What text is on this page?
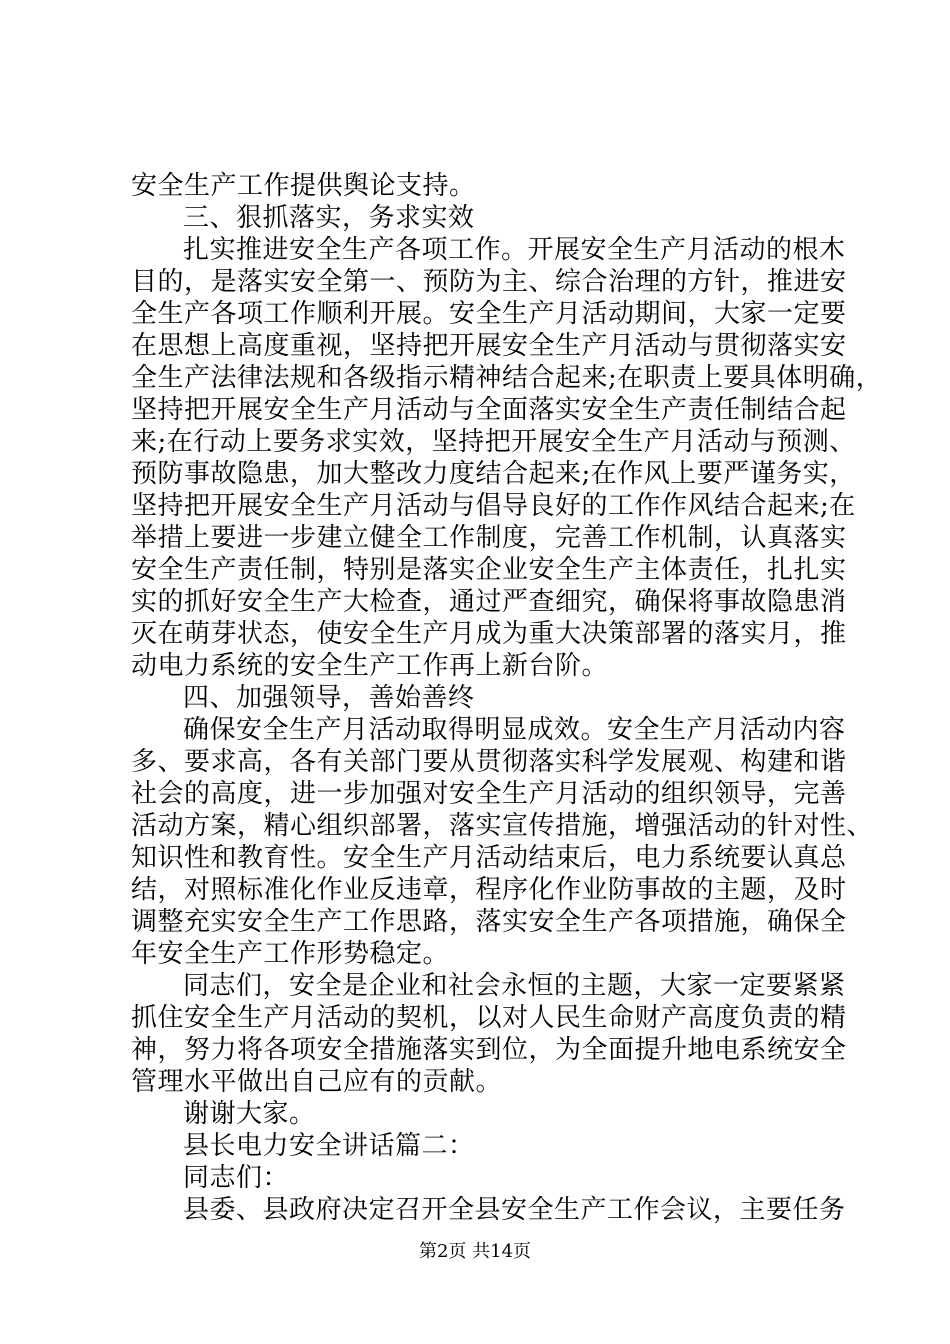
安全生产工作提供舆论支持。
三、狠抓落实，务求实效
扎实推进安全生产各项工作。开展安全生产月活动的根木
目的，是落实安全第一、预防为主、综合治理的方针，推进安
全生产各项工作顺利开展。安全生产月活动期间，大家一定要
在思想上高度重视，坚持把开展安全生产月活动与贯彻落实安
全生产法律法规和各级指示精神结合起来;在职责上要具体明确，
坚持把开展安全生产月活动与全面落实安全生产责任制结合起
来;在行动上要务求实效，坚持把开展安全生产月活动与预测、
预防事故隐患，加大整改力度结合起来;在作风上要严谨务实，
坚持把开展安全生产月活动与倡导良好的工作作风结合起来;在
举措上要进一步建立健全工作制度，完善工作机制，认真落实
安全生产责任制，特别是落实企业安全生产主体责任，扎扎实
实的抓好安全生产大检查，通过严查细究，确保将事故隐患消
灭在萌芽状态，使安全生产月成为重大决策部署的落实月，推
动电力系统的安全生产工作再上新台阶。
四、加强领导，善始善终
确保安全生产月活动取得明显成效。安全生产月活动内容
多、要求高，各有关部门要从贯彻落实科学发展观、构建和谐
社会的高度，进一步加强对安全生产月活动的组织领导，完善
活动方案，精心组织部署，落实宣传措施，增强活动的针对性、
知识性和教育性。安全生产月活动结束后，电力系统要认真总
结，对照标准化作业反违章，程序化作业防事故的主题，及时
调整充实安全生产工作思路，落实安全生产各项措施，确保全
年安全生产工作形势稳定。
同志们，安全是企业和社会永恒的主题，大家一定要紧紧
抓住安全生产月活动的契机，以对人民生命财产高度负责的精
神，努力将各项安全措施落实到位，为全面提升地电系统安全
管理水平做出自己应有的贡献。
谢谢大家。
县长电力安全讲话篇二：
同志们：
县委、县政府决定召开全县安全生产工作会议，主要任务
第2页 共14页
